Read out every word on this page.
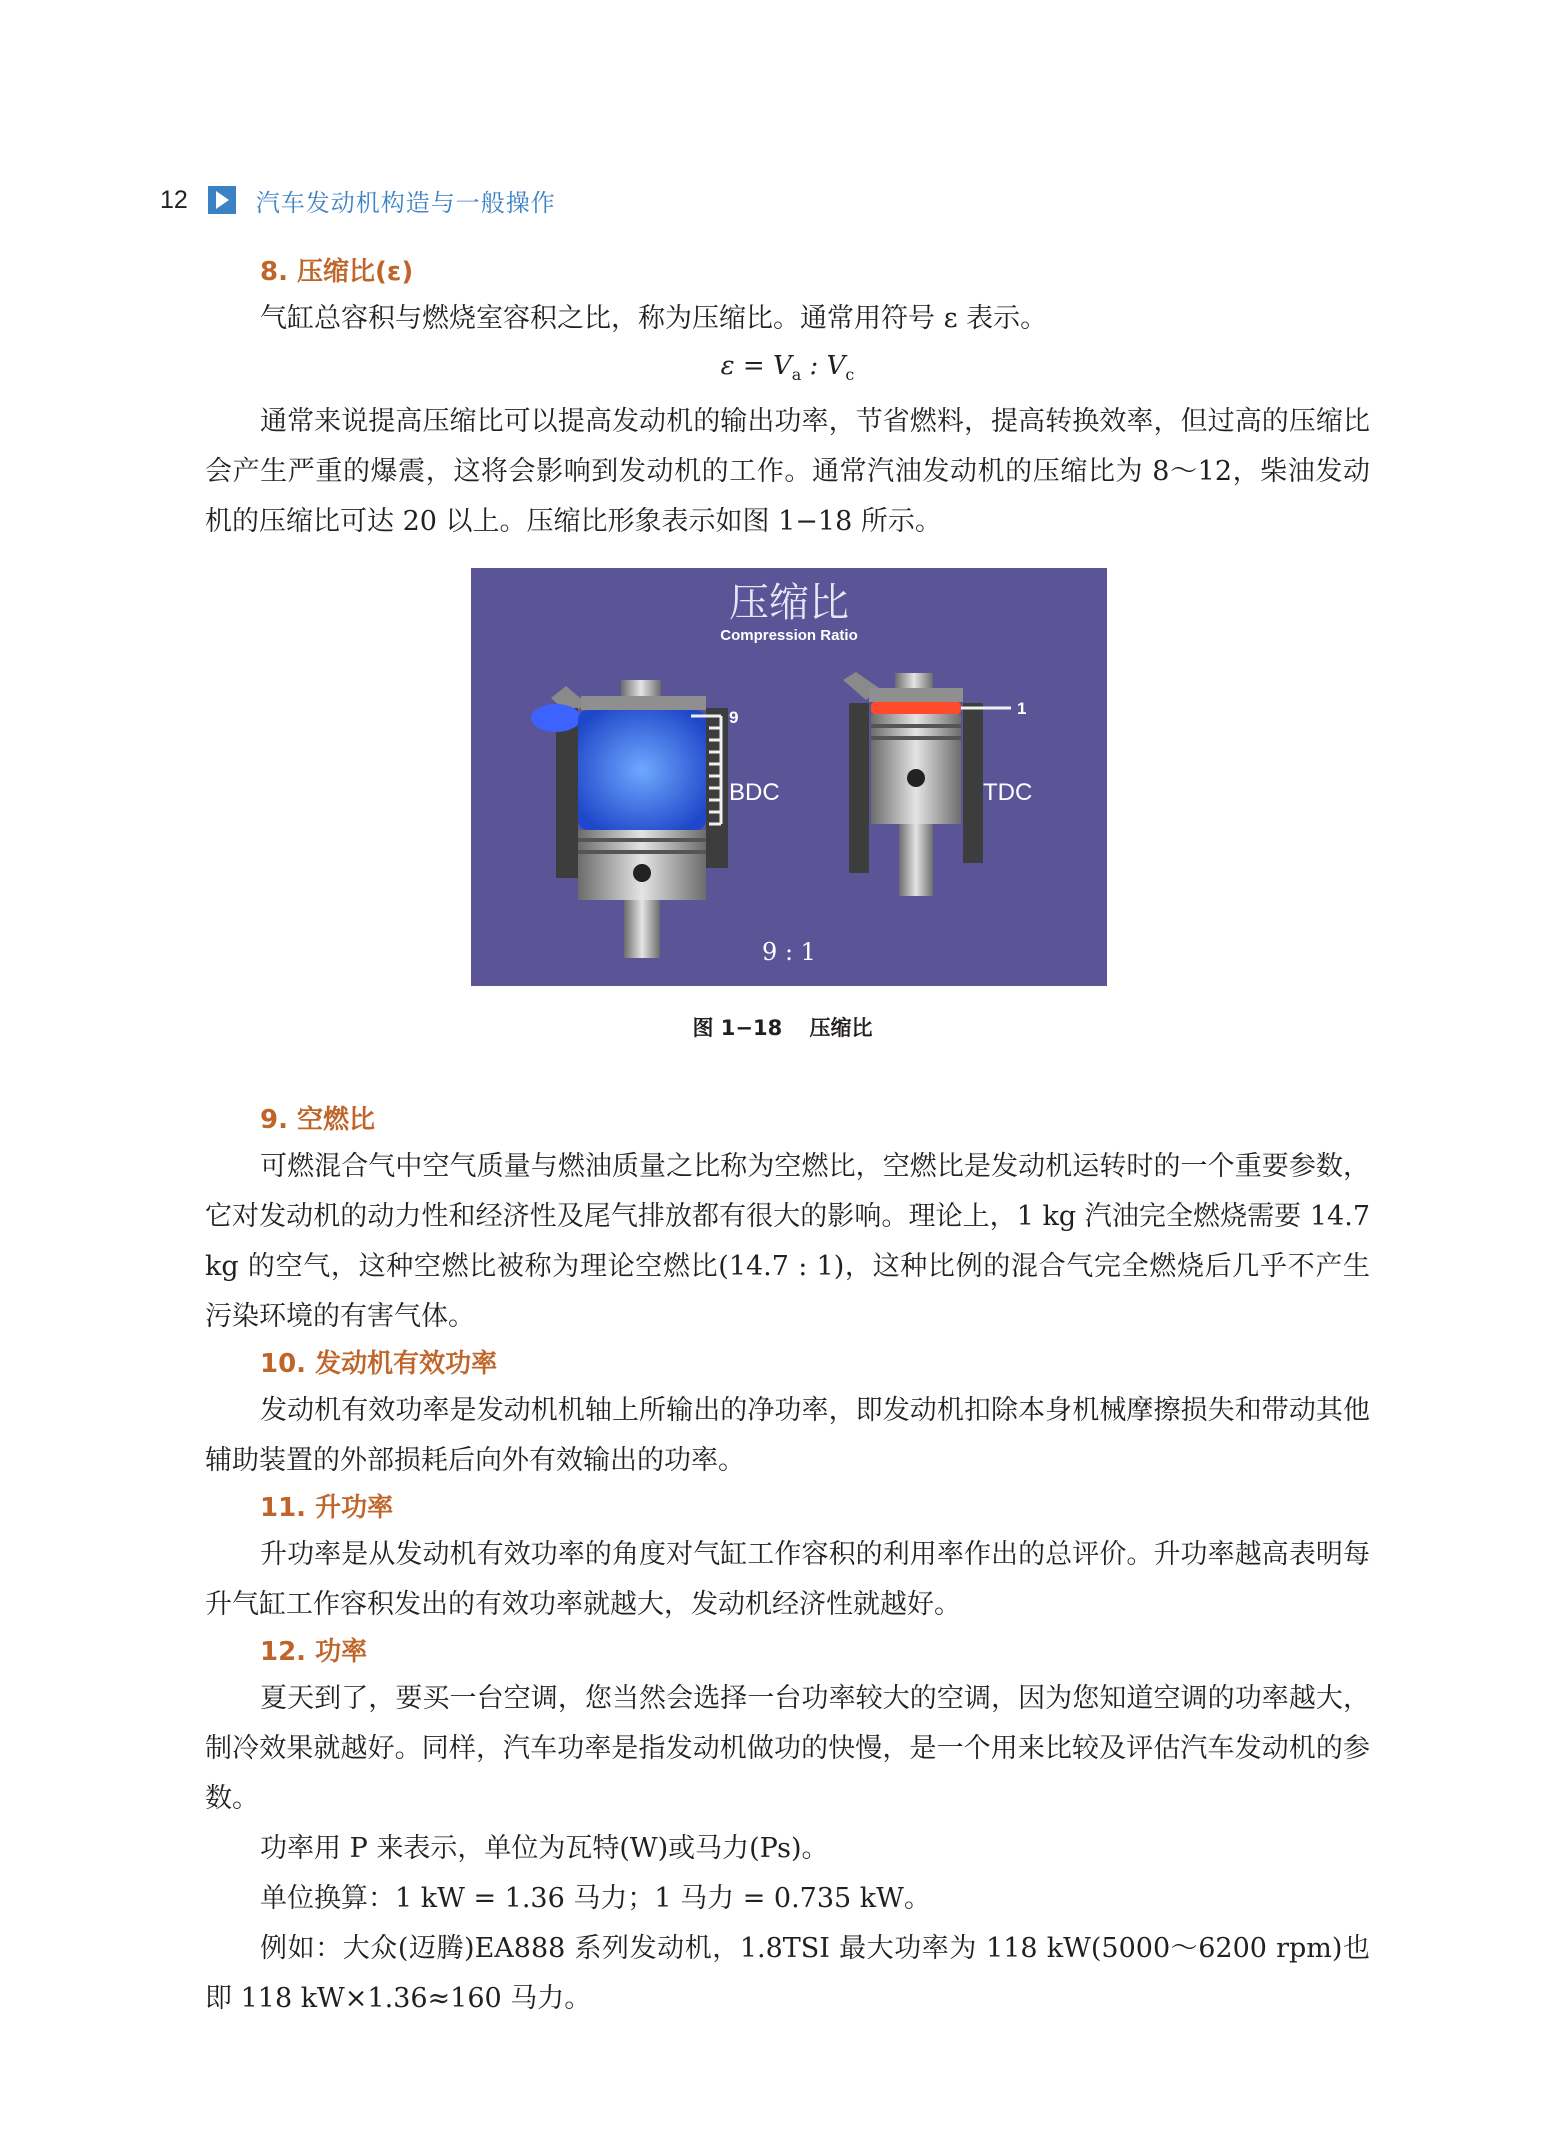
12	汽车发动机构造与一般操作

8. 压缩比(ε)

气缸总容积与燃烧室容积之比，称为压缩比。通常用符号 ε 表示。

$\varepsilon = V_a$ : $V_c$

通常来说提高压缩比可以提高发动机的输出功率，节省燃料，提高转换效率，但过高的压缩比会产生严重的爆震，这将会影响到发动机的工作。通常汽油发动机的压缩比为 8～12，柴油发动机的压缩比可达 20 以上。压缩比形象表示如图 1−18 所示。

压缩比
Compression Ratio
9
BDC
1
TDC
9 : 1
图 1−18 压缩比

9. 空燃比

可燃混合气中空气质量与燃油质量之比称为空燃比，空燃比是发动机运转时的一个重要参数，它对发动机的动力性和经济性及尾气排放都有很大的影响。理论上，1 kg 汽油完全燃烧需要 14.7 kg 的空气，这种空燃比被称为理论空燃比(14.7 : 1)，这种比例的混合气完全燃烧后几乎不产生污染环境的有害气体。

10. 发动机有效功率

发动机有效功率是发动机机轴上所输出的净功率，即发动机扣除本身机械摩擦损失和带动其他辅助装置的外部损耗后向外有效输出的功率。

11. 升功率

升功率是从发动机有效功率的角度对气缸工作容积的利用率作出的总评价。升功率越高表明每升气缸工作容积发出的有效功率就越大，发动机经济性就越好。

12. 功率

夏天到了，要买一台空调，您当然会选择一台功率较大的空调，因为您知道空调的功率越大，制冷效果就越好。同样，汽车功率是指发动机做功的快慢，是一个用来比较及评估汽车发动机的参数。

功率用 P 来表示，单位为瓦特(W)或马力(Ps)。

单位换算：1 kW = 1.36 马力；1 马力 = 0.735 kW。

例如：大众(迈腾)EA888 系列发动机，1.8TSI 最大功率为 118 kW(5000～6200 rpm)也即 118 kW×1.36≈160 马力。
